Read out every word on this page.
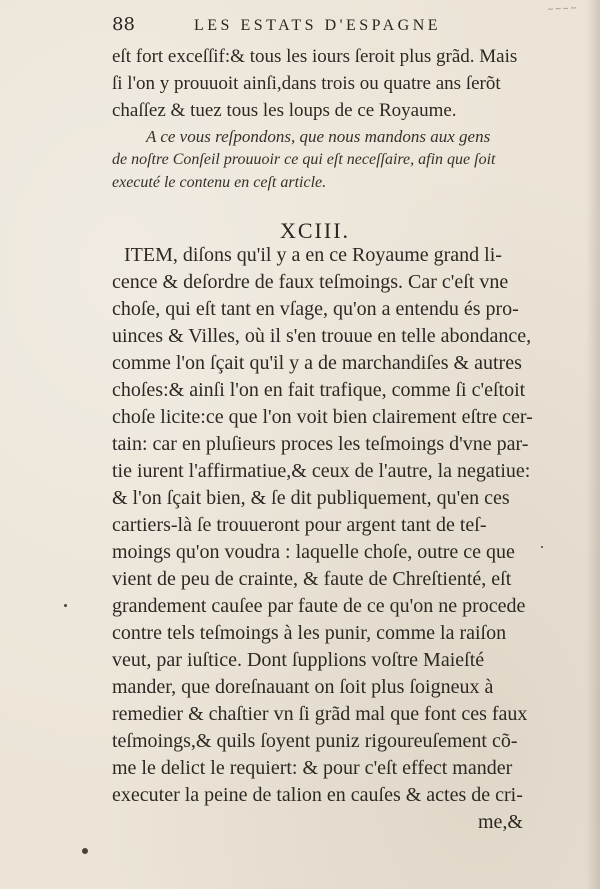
~~~~
88	LES ESTATS D'ESPAGNE
eſt fort exceſſif:& tous les iours ſeroit plus grãd. Mais
ſi l'on y prouuoit ainſi,dans trois ou quatre ans ſerõt
chaſſez & tuez tous les loups de ce Royaume.
A ce vous reſpondons, que nous mandons aux gens
de noſtre Conſeil prouuoir ce qui eſt neceſſaire, afin que ſoit
executé le contenu en ceſt article.
XCIII.
ITEM, diſons qu'il y a en ce Royaume grand li-
cence & deſordre de faux teſmoings. Car c'eſt vne
choſe, qui eſt tant en vſage, qu'on a entendu és pro-
uinces & Villes, où il s'en trouue en telle abondance,
comme l'on ſçait qu'il y a de marchandiſes & autres
choſes:& ainſi l'on en fait trafique, comme ſi c'eſtoit
choſe licite:ce que l'on voit bien clairement eſtre cer-
tain: car en pluſieurs proces les teſmoings d'vne par-
tie iurent l'affirmatiue,& ceux de l'autre, la negatiue:
& l'on ſçait bien, & ſe dit publiquement, qu'en ces
cartiers-là ſe trouueront pour argent tant de teſ-
moings qu'on voudra : laquelle choſe, outre ce que
vient de peu de crainte, & faute de Chreſtienté, eſt
grandement cauſee par faute de ce qu'on ne procede
contre tels teſmoings à les punir, comme la raiſon
veut, par iuſtice. Dont ſupplions voſtre Maieſté
mander, que doreſnauant on ſoit plus ſoigneux à
remedier & chaſtier vn ſi grãd mal que font ces faux
teſmoings,& quils ſoyent puniz rigoureuſement cõ-
me le delict le requiert: & pour c'eſt effect mander
executer la peine de talion en cauſes & actes de cri-
me,&
